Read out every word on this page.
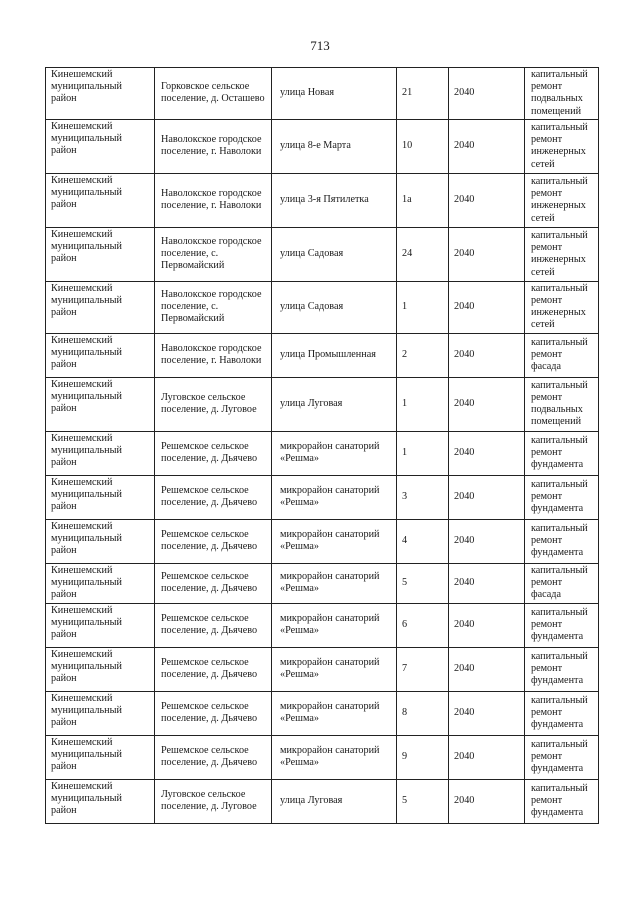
713
Кинешемский муниципальный район	Горковское сельское поселение, д. Осташево	улица Новая	21	2040	капитальный ремонт подвальных помещений
Кинешемский муниципальный район	Наволокское городское поселение, г. Наволоки	улица 8-е Марта	10	2040	капитальный ремонт инженерных сетей
Кинешемский муниципальный район	Наволокское городское поселение, г. Наволоки	улица 3-я Пятилетка	1а	2040	капитальный ремонт инженерных сетей
Кинешемский муниципальный район	Наволокское городское поселение, с. Первомайский	улица Садовая	24	2040	капитальный ремонт инженерных сетей
Кинешемский муниципальный район	Наволокское городское поселение, с. Первомайский	улица Садовая	1	2040	капитальный ремонт инженерных сетей
Кинешемский муниципальный район	Наволокское городское поселение, г. Наволоки	улица Промышленная	2	2040	капитальный ремонт фасада
Кинешемский муниципальный район	Луговское сельское поселение, д. Луговое	улица Луговая	1	2040	капитальный ремонт подвальных помещений
Кинешемский муниципальный район	Решемское сельское поселение, д. Дьячево	микрорайон санаторий «Решма»	1	2040	капитальный ремонт фундамента
Кинешемский муниципальный район	Решемское сельское поселение, д. Дьячево	микрорайон санаторий «Решма»	3	2040	капитальный ремонт фундамента
Кинешемский муниципальный район	Решемское сельское поселение, д. Дьячево	микрорайон санаторий «Решма»	4	2040	капитальный ремонт фундамента
Кинешемский муниципальный район	Решемское сельское поселение, д. Дьячево	микрорайон санаторий «Решма»	5	2040	капитальный ремонт фасада
Кинешемский муниципальный район	Решемское сельское поселение, д. Дьячево	микрорайон санаторий «Решма»	6	2040	капитальный ремонт фундамента
Кинешемский муниципальный район	Решемское сельское поселение, д. Дьячево	микрорайон санаторий «Решма»	7	2040	капитальный ремонт фундамента
Кинешемский муниципальный район	Решемское сельское поселение, д. Дьячево	микрорайон санаторий «Решма»	8	2040	капитальный ремонт фундамента
Кинешемский муниципальный район	Решемское сельское поселение, д. Дьячево	микрорайон санаторий «Решма»	9	2040	капитальный ремонт фундамента
Кинешемский муниципальный район	Луговское сельское поселение, д. Луговое	улица Луговая	5	2040	капитальный ремонт фундамента
